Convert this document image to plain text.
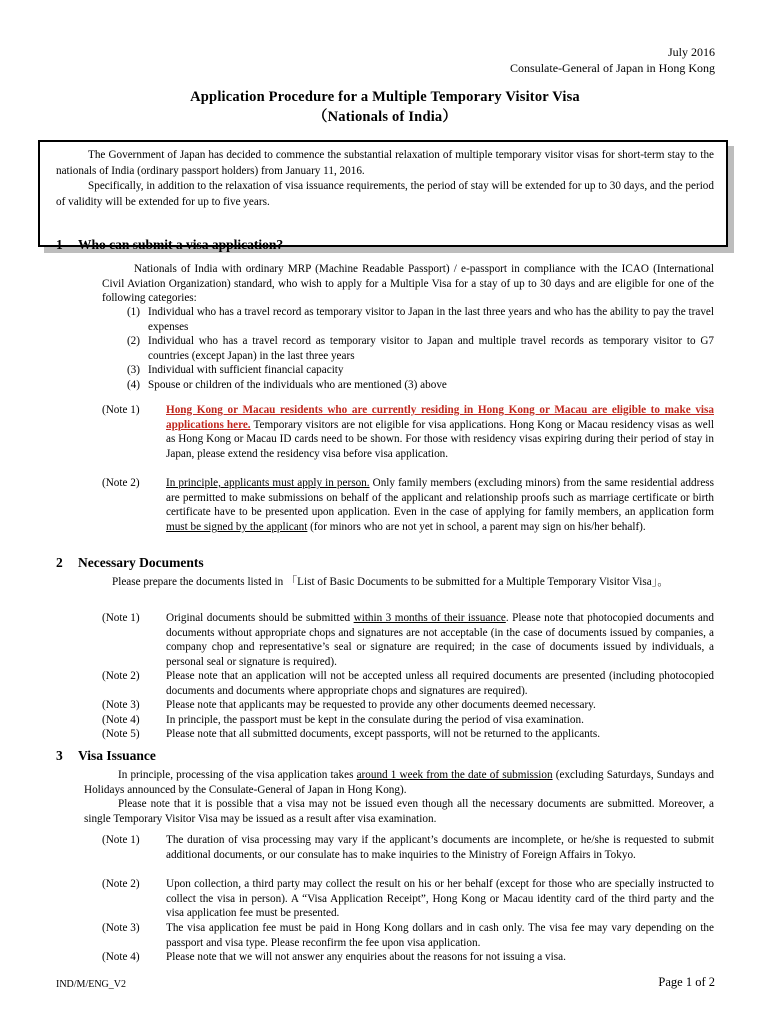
July 2016
Consulate-General of Japan in Hong Kong
Application Procedure for a Multiple Temporary Visitor Visa
（Nationals of India）

The Government of Japan has decided to commence the substantial relaxation of multiple temporary visitor visas for short-term stay to the nationals of India (ordinary passport holders) from January 11, 2016.

Specifically, in addition to the relaxation of visa issuance requirements, the period of stay will be extended for up to 30 days, and the period of validity will be extended for up to five years.

1 Who can submit a visa application?

Nationals of India with ordinary MRP (Machine Readable Passport) / e-passport in compliance with the ICAO (International Civil Aviation Organization) standard, who wish to apply for a Multiple Visa for a stay of up to 30 days and are eligible for one of the following categories:

(1) Individual who has a travel record as temporary visitor to Japan in the last three years and who has the ability to pay the travel expenses
(2) Individual who has a travel record as temporary visitor to Japan and multiple travel records as temporary visitor to G7 countries (except Japan) in the last three years
(3) Individual with sufficient financial capacity
(4) Spouse or children of the individuals who are mentioned (3) above
(Note 1)	Hong Kong or Macau residents who are currently residing in Hong Kong or Macau are eligible to make visa applications here. Temporary visitors are not eligible for visa applications. Hong Kong or Macau residency visas as well as Hong Kong or Macau ID cards need to be shown. For those with residency visas expiring during their period of stay in Japan, please extend the residency visa before visa application.
(Note 2)	In principle, applicants must apply in person. Only family members (excluding minors) from the same residential address are permitted to make submissions on behalf of the applicant and relationship proofs such as marriage certificate or birth certificate have to be presented upon application. Even in the case of applying for family members, an application form must be signed by the applicant (for minors who are not yet in school, a parent may sign on his/her behalf).
2 Necessary Documents

Please prepare the documents listed in 「List of Basic Documents to be submitted for a Multiple Temporary Visitor Visa」。

(Note 1)	Original documents should be submitted within 3 months of their issuance. Please note that photocopied documents and documents without appropriate chops and signatures are not acceptable (in the case of documents issued by companies, a company chop and representative’s seal or signature are required; in the case of documents issued by individuals, a personal seal or signature is required).
(Note 2)	Please note that an application will not be accepted unless all required documents are presented (including photocopied documents and documents where appropriate chops and signatures are required).
(Note 3)	Please note that applicants may be requested to provide any other documents deemed necessary.
(Note 4)	In principle, the passport must be kept in the consulate during the period of visa examination.
(Note 5)	Please note that all submitted documents, except passports, will not be returned to the applicants.
3 Visa Issuance

In principle, processing of the visa application takes around 1 week from the date of submission (excluding Saturdays, Sundays and Holidays announced by the Consulate-General of Japan in Hong Kong).

Please note that it is possible that a visa may not be issued even though all the necessary documents are submitted. Moreover, a single Temporary Visitor Visa may be issued as a result after visa examination.

(Note 1)	The duration of visa processing may vary if the applicant’s documents are incomplete, or he/she is requested to submit additional documents, or our consulate has to make inquiries to the Ministry of Foreign Affairs in Tokyo.
(Note 2)	Upon collection, a third party may collect the result on his or her behalf (except for those who are specially instructed to collect the visa in person). A “Visa Application Receipt”, Hong Kong or Macau identity card of the third party and the visa application fee must be presented.
(Note 3)	The visa application fee must be paid in Hong Kong dollars and in cash only. The visa fee may vary depending on the passport and visa type. Please reconfirm the fee upon visa application.
(Note 4)	Please note that we will not answer any enquiries about the reasons for not issuing a visa.
IND/M/ENG_V2	Page 1 of 2
